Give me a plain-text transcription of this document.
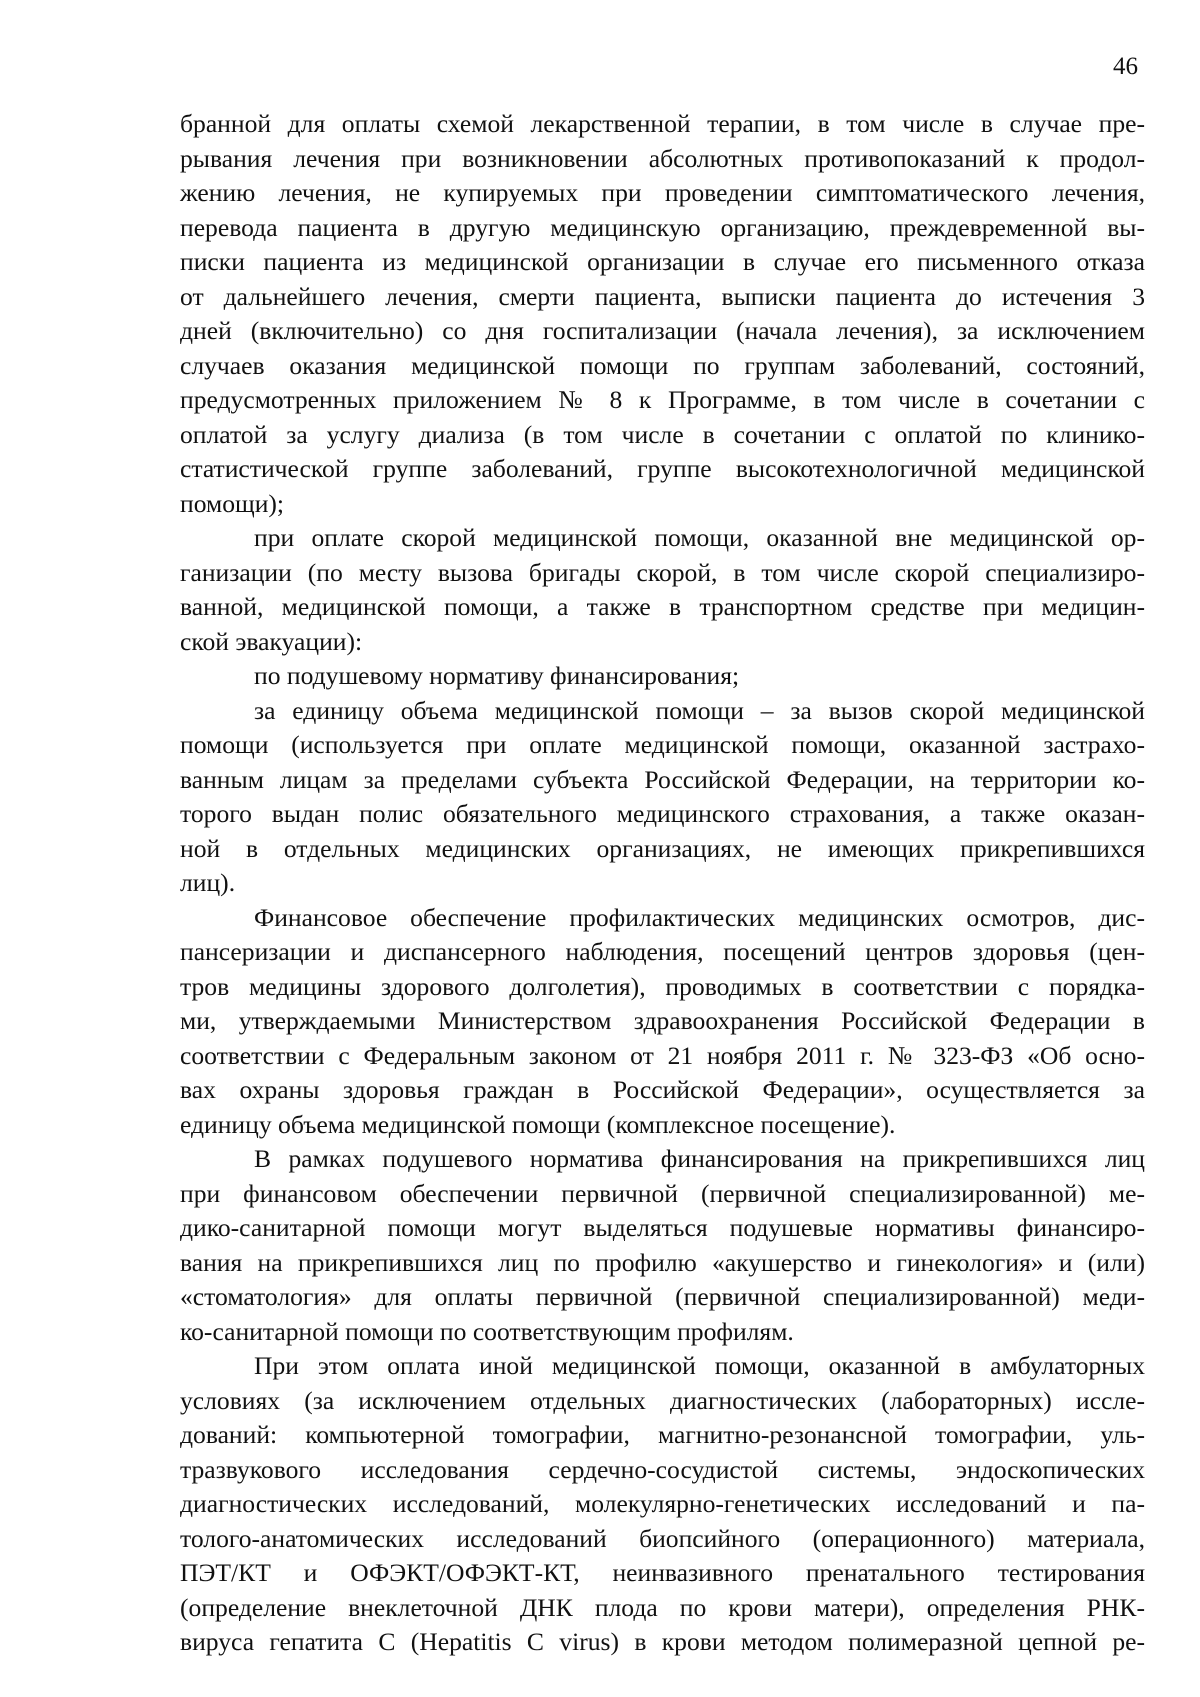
46
бранной для оплаты схемой лекарственной терапии, в том числе в случае пре-
рывания лечения при возникновении абсолютных противопоказаний к продол-
жению лечения, не купируемых при проведении симптоматического лечения,
перевода пациента в другую медицинскую организацию, преждевременной вы-
писки пациента из медицинской организации в случае его письменного отказа
от дальнейшего лечения, смерти пациента, выписки пациента до истечения 3
дней (включительно) со дня госпитализации (начала лечения), за исключением
случаев оказания медицинской помощи по группам заболеваний, состояний,
предусмотренных приложением № 8 к Программе, в том числе в сочетании с
оплатой за услугу диализа (в том числе в сочетании с оплатой по клинико-
статистической группе заболеваний, группе высокотехнологичной медицинской
помощи);
при оплате скорой медицинской помощи, оказанной вне медицинской ор-
ганизации (по месту вызова бригады скорой, в том числе скорой специализиро-
ванной, медицинской помощи, а также в транспортном средстве при медицин-
ской эвакуации):
по подушевому нормативу финансирования;
за единицу объема медицинской помощи – за вызов скорой медицинской
помощи (используется при оплате медицинской помощи, оказанной застрахо-
ванным лицам за пределами субъекта Российской Федерации, на территории ко-
торого выдан полис обязательного медицинского страхования, а также оказан-
ной в отдельных медицинских организациях, не имеющих прикрепившихся
лиц).
Финансовое обеспечение профилактических медицинских осмотров, дис-
пансеризации и диспансерного наблюдения, посещений центров здоровья (цен-
тров медицины здорового долголетия), проводимых в соответствии с порядка-
ми, утверждаемыми Министерством здравоохранения Российской Федерации в
соответствии с Федеральным законом от 21 ноября 2011 г. № 323-ФЗ «Об осно-
вах охраны здоровья граждан в Российской Федерации», осуществляется за
единицу объема медицинской помощи (комплексное посещение).
В рамках подушевого норматива финансирования на прикрепившихся лиц
при финансовом обеспечении первичной (первичной специализированной) ме-
дико-санитарной помощи могут выделяться подушевые нормативы финансиро-
вания на прикрепившихся лиц по профилю «акушерство и гинекология» и (или)
«стоматология» для оплаты первичной (первичной специализированной) меди-
ко-санитарной помощи по соответствующим профилям.
При этом оплата иной медицинской помощи, оказанной в амбулаторных
условиях (за исключением отдельных диагностических (лабораторных) иссле-
дований: компьютерной томографии, магнитно-резонансной томографии, уль-
тразвукового исследования сердечно-сосудистой системы, эндоскопических
диагностических исследований, молекулярно-генетических исследований и па-
толого-анатомических исследований биопсийного (операционного) материала,
ПЭТ/КТ и ОФЭКТ/ОФЭКТ-КТ, неинвазивного пренатального тестирования
(определение внеклеточной ДНК плода по крови матери), определения РНК-
вируса гепатита С (Hepatitis C virus) в крови методом полимеразной цепной ре-
